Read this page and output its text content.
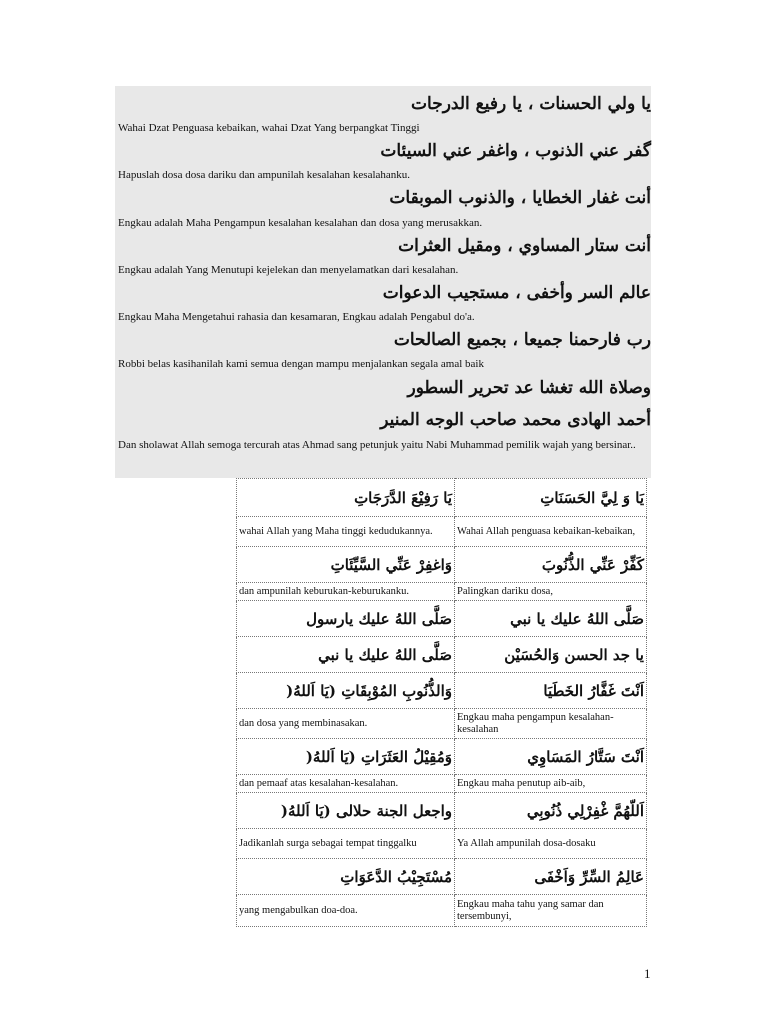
يا ولي الحسنات ، يا رفيع الدرجات
Wahai Dzat Penguasa kebaikan, wahai Dzat Yang berpangkat Tinggi
گفر عني الذنوب ، واغفر عني السيئات
Hapuslah dosa dosa dariku dan ampunilah kesalahan kesalahanku.
أنت غفار الخطايا ، والذنوب الموبقات
Engkau adalah Maha Pengampun kesalahan kesalahan dan dosa yang merusakkan.
أنت ستار المساوي ، ومقيل العثرات
Engkau adalah Yang Menutupi kejelekan dan menyelamatkan dari kesalahan.
عالم السر وأخفى ، مستجيب الدعوات
Engkau Maha Mengetahui rahasia dan kesamaran, Engkau adalah Pengabul do'a.
رب فارحمنا جميعا ، بجميع الصالحات
Robbi belas kasihanilah kami semua dengan mampu menjalankan segala amal baik
وصلاة الله تغشا عد تحرير السطور
أحمد الهادى محمد صاحب الوجه المنير
Dan sholawat Allah semoga tercurah atas Ahmad sang petunjuk yaitu Nabi Muhammad pemilik wajah yang bersinar..
يَا رَفِيْعَ الدَّرَجَاتِ	يَا وَ لِيَّ الحَسَنَاتِ
wahai Allah yang Maha tinggi kedudukannya.	Wahai Allah penguasa kebaikan-kebaikan,
وَاغفِرْ عَنِّي السَّيِّئَاتِ	كَفِّرْ عَنِّي الذُّنُوبَ
dan ampunilah keburukan-keburukanku.	Palingkan dariku dosa,
صَلَّى اللهُ عليك يارسول	صَلَّى اللهُ عليك يا نبي
صَلَّى اللهُ عليك يا نبي	يا جد الحسن وَالحُسَيْن
وَالذُّنُوبِ المُوْبِقَاتِ (يَا اَللهُ(	اَنْتَ غَفَّارُ الخَطَيَا
dan dosa yang membinasakan.	Engkau maha pengampun kesalahan-kesalahan
وَمُقِيْلُ العَثَرَاتِ (يَا اَللهُ(	اَنْتَ سَتَّارُ المَسَاوِي
dan pemaaf atas kesalahan-kesalahan.	Engkau maha penutup aib-aib,
واجعل الجنة حلالى (يَا اَللهُ(	اَللّهُمَّ غْفِرْلِي ذُنُوبِي
Jadikanlah surga sebagai tempat tinggalku	Ya Allah ampunilah dosa-dosaku
مُسْتَجِيْبُ الدَّعَوَاتِ	عَالِمُ السِّرِّ وَاَخْفَى
yang mengabulkan doa-doa.	Engkau maha tahu yang samar dan tersembunyi,
1
